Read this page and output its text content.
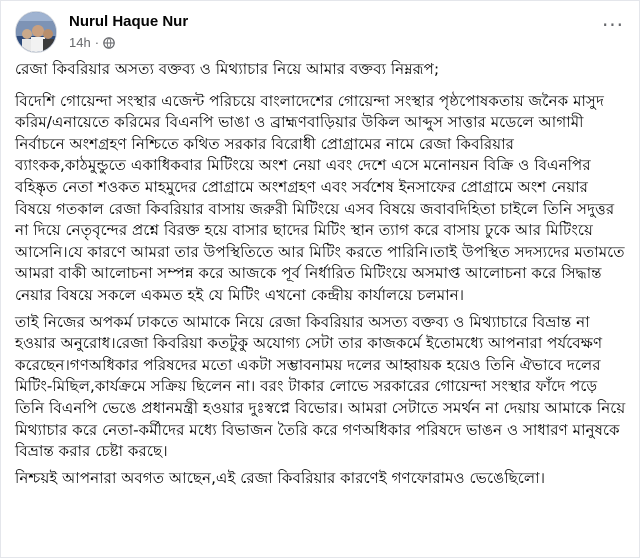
Nurul Haque Nur
14h ·
···

রেজা কিবরিয়ার অসত্য বক্তব্য ও মিথ্যাচার নিয়ে আমার বক্তব্য নিম্নরূপ;

বিদেশি গোয়েন্দা সংস্থার এজেন্ট পরিচয়ে বাংলাদেশের গোয়েন্দা সংস্থার পৃষ্ঠপোষকতায় জনৈক মাসুদ করিম/এনায়েতে করিমের বিএনপি ভাঙা ও ব্রাহ্মণবাড়িয়ার উকিল আব্দুস সাত্তার মডেলে আগামী নির্বাচনে অংশগ্রহণ নিশ্চিতে কথিত সরকার বিরোধী প্রোগ্রামের নামে রেজা কিবরিয়ার ব্যাংকক,কাঠমুন্ডুতে একাধিকবার মিটিংয়ে অংশ নেয়া এবং দেশে এসে মনোনয়ন বিক্রি ও বিএনপির বহিষ্কৃত নেতা শওকত মাহমুদের প্রোগ্রামে অংশগ্রহণ এবং সর্বশেষ ইনসাফের প্রোগ্রামে অংশ নেয়ার বিষয়ে গতকাল রেজা কিবরিয়ার বাসায় জরুরী মিটিংয়ে এসব বিষয়ে জবাবদিহিতা চাইলে তিনি সদুত্তর না দিয়ে নেতৃবৃন্দের প্রশ্নে বিরক্ত হয়ে বাসার ছাদের মিটিং স্থান ত্যাগ করে বাসায় ঢুকে আর মিটিংয়ে আসেনি।যে কারণে আমরা তার উপস্থিতিতে আর মিটিং করতে পারিনি।তাই উপস্থিত সদস্যদের মতামতে আমরা বাকী আলোচনা সম্পন্ন করে আজকে পূর্ব নির্ধারিত মিটিংয়ে অসমাপ্ত আলোচনা করে সিদ্ধান্ত নেয়ার বিষয়ে সকলে একমত হই যে মিটিং এখনো কেন্দ্রীয় কার্যালয়ে চলমান।

তাই নিজের অপকর্ম ঢাকতে আমাকে নিয়ে রেজা কিবরিয়ার অসত্য বক্তব্য ও মিথ্যাচারে বিভ্রান্ত না হওয়ার অনুরোধ।রেজা কিবরিয়া কতটুকু অযোগ্য সেটা তার কাজকর্মে ইতোমধ্যে আপনারা পর্যবেক্ষণ করেছেন।গণঅধিকার পরিষদের মতো একটা সম্ভাবনাময় দলের আহ্বায়ক হয়েও তিনি ঐভাবে দলের মিটিং-মিছিল,কার্যক্রমে সক্রিয় ছিলেন না। বরং টাকার লোভে সরকারের গোয়েন্দা সংস্থার ফাঁদে পড়ে তিনি বিএনপি ভেঙে প্রধানমন্ত্রী হওয়ার দুঃস্বপ্নে বিভোর। আমরা সেটাতে সমর্থন না দেয়ায় আমাকে নিয়ে মিথ্যাচার করে নেতা-কর্মীদের মধ্যে বিভাজন তৈরি করে গণঅধিকার পরিষদে ভাঙন ও সাধারণ মানুষকে বিভ্রান্ত করার চেষ্টা করছে।

নিশ্চয়ই আপনারা অবগত আছেন,এই রেজা কিবরিয়ার কারণেই গণফোরামও ভেঙেছিলো।
